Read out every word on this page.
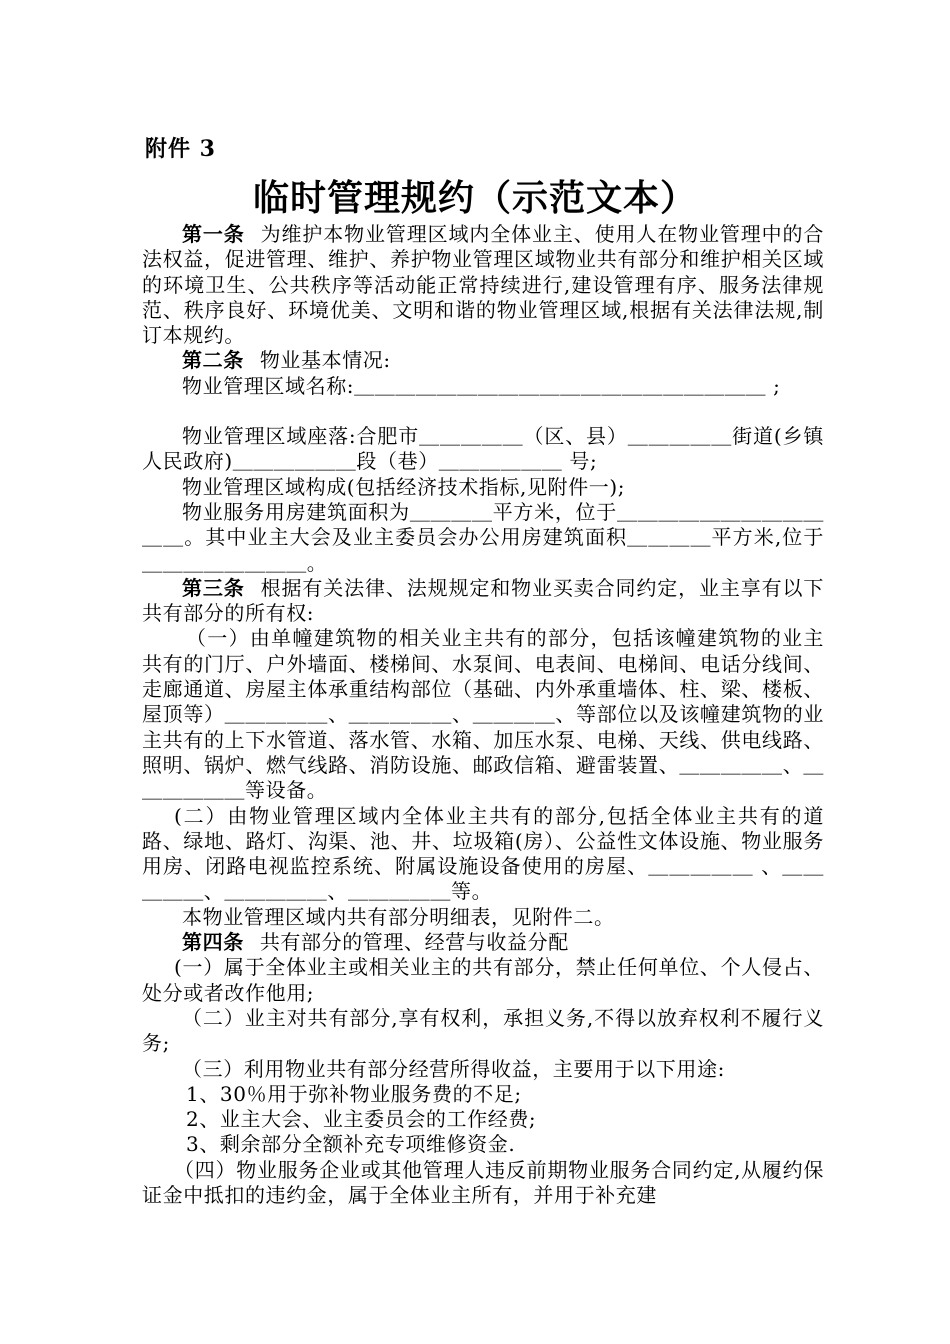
附件 3
临时管理规约（示范文本）

第一条 为维护本物业管理区域内全体业主、使用人在物业管理中的合法权益，促进管理、维护、养护物业管理区域物业共有部分和维护相关区域的环境卫生、公共秩序等活动能正常持续进行,建设管理有序、服务法律规范、秩序良好、环境优美、文明和谐的物业管理区域,根据有关法律法规,制订本规约。

第二条 物业基本情况:

物业管理区域名称:＿＿＿＿＿＿＿＿＿＿＿＿＿＿＿＿＿＿＿＿ ;

物业管理区域座落:合肥市＿＿＿＿＿（区、县）＿＿＿＿＿街道(乡镇人民政府)＿＿＿＿＿＿段（巷）＿＿＿＿＿＿ 号;

物业管理区域构成(包括经济技术指标,见附件一);

物业服务用房建筑面积为＿＿＿＿平方米，位于＿＿＿＿＿＿＿＿＿＿＿＿。其中业主大会及业主委员会办公用房建筑面积＿＿＿＿平方米,位于＿＿＿＿＿＿＿＿。

第三条 根据有关法律、法规规定和物业买卖合同约定，业主享有以下共有部分的所有权:

（一）由单幢建筑物的相关业主共有的部分，包括该幢建筑物的业主共有的门厅、户外墙面、楼梯间、水泵间、电表间、电梯间、电话分线间、走廊通道、房屋主体承重结构部位（基础、内外承重墙体、柱、梁、楼板、屋顶等）＿＿＿＿＿、＿＿＿＿＿、＿＿＿＿、等部位以及该幢建筑物的业主共有的上下水管道、落水管、水箱、加压水泵、电梯、天线、供电线路、照明、锅炉、燃气线路、消防设施、邮政信箱、避雷装置、＿＿＿＿＿、＿＿＿＿＿＿等设备。

(二）由物业管理区域内全体业主共有的部分,包括全体业主共有的道路、绿地、路灯、沟渠、池、井、垃圾箱(房）、公益性文体设施、物业服务用房、闭路电视监控系统、附属设施设备使用的房屋、＿＿＿＿＿ 、＿＿＿＿＿、＿＿＿＿＿、＿＿＿＿＿等。

本物业管理区域内共有部分明细表，见附件二。

第四条 共有部分的管理、经营与收益分配

(一）属于全体业主或相关业主的共有部分，禁止任何单位、个人侵占、处分或者改作他用;

（二）业主对共有部分,享有权利，承担义务,不得以放弃权利不履行义务;

（三）利用物业共有部分经营所得收益，主要用于以下用途:

1、30％用于弥补物业服务费的不足;

2、业主大会、业主委员会的工作经费;

3、剩余部分全额补充专项维修资金.

（四）物业服务企业或其他管理人违反前期物业服务合同约定,从履约保证金中抵扣的违约金，属于全体业主所有，并用于补充建
